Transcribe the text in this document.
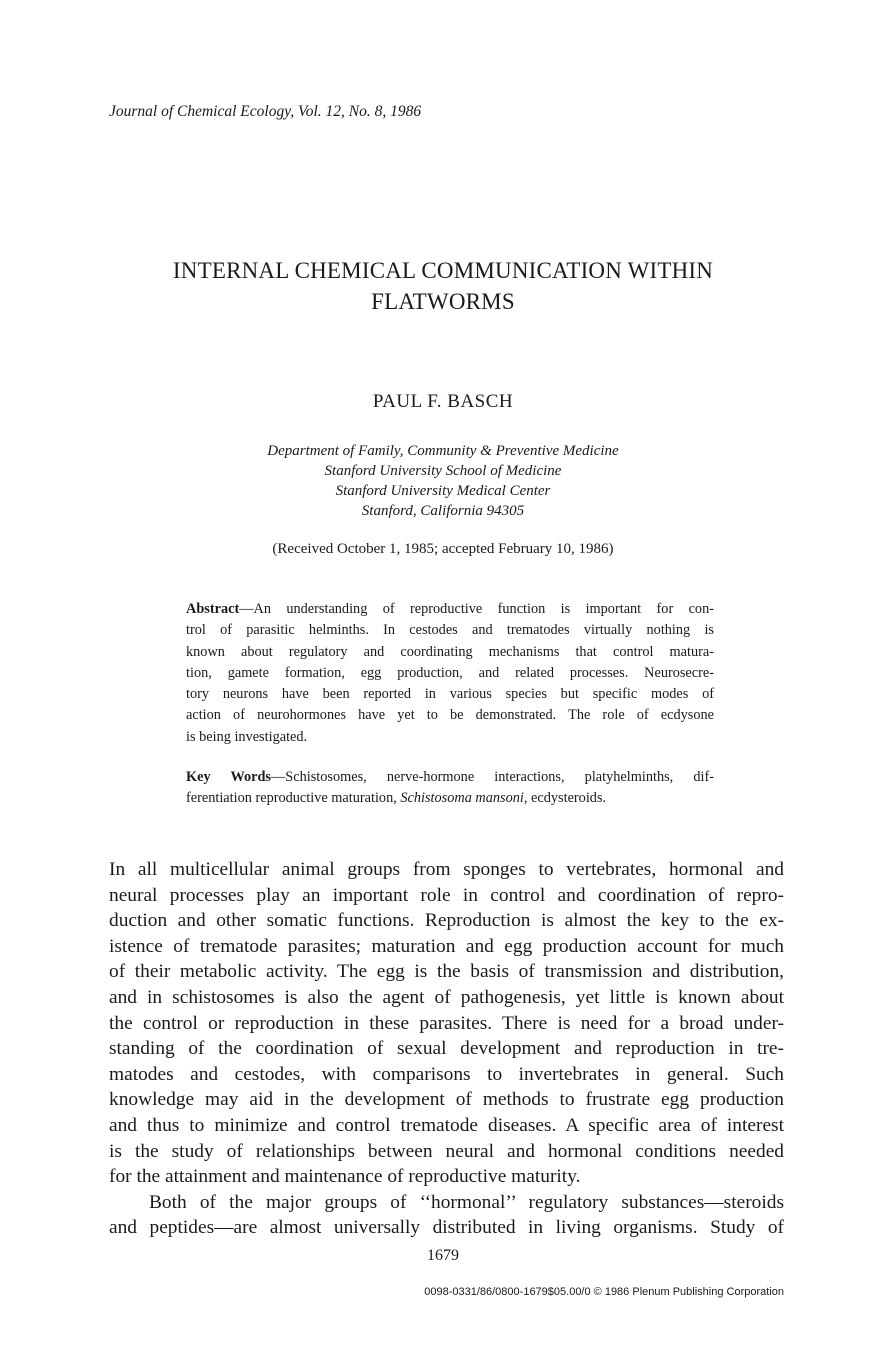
Journal of Chemical Ecology, Vol. 12, No. 8, 1986
INTERNAL CHEMICAL COMMUNICATION WITHIN
FLATWORMS
PAUL F. BASCH
Department of Family, Community & Preventive Medicine
Stanford University School of Medicine
Stanford University Medical Center
Stanford, California 94305
(Received October 1, 1985; accepted February 10, 1986)
Abstract—An understanding of reproductive function is important for con-
trol of parasitic helminths. In cestodes and trematodes virtually nothing is
known about regulatory and coordinating mechanisms that control matura-
tion, gamete formation, egg production, and related processes. Neurosecre-
tory neurons have been reported in various species but specific modes of
action of neurohormones have yet to be demonstrated. The role of ecdysone
is being investigated.
Key Words—Schistosomes, nerve-hormone interactions, platyhelminths, dif-
ferentiation reproductive maturation, Schistosoma mansoni, ecdysteroids.
In all multicellular animal groups from sponges to vertebrates, hormonal and
neural processes play an important role in control and coordination of repro-
duction and other somatic functions. Reproduction is almost the key to the ex-
istence of trematode parasites; maturation and egg production account for much
of their metabolic activity. The egg is the basis of transmission and distribution,
and in schistosomes is also the agent of pathogenesis, yet little is known about
the control or reproduction in these parasites. There is need for a broad under-
standing of the coordination of sexual development and reproduction in tre-
matodes and cestodes, with comparisons to invertebrates in general. Such
knowledge may aid in the development of methods to frustrate egg production
and thus to minimize and control trematode diseases. A specific area of interest
is the study of relationships between neural and hormonal conditions needed
for the attainment and maintenance of reproductive maturity.
Both of the major groups of ‘‘hormonal’’ regulatory substances—steroids
and peptides—are almost universally distributed in living organisms. Study of
1679
0098-0331/86/0800-1679$05.00/0 © 1986 Plenum Publishing Corporation
